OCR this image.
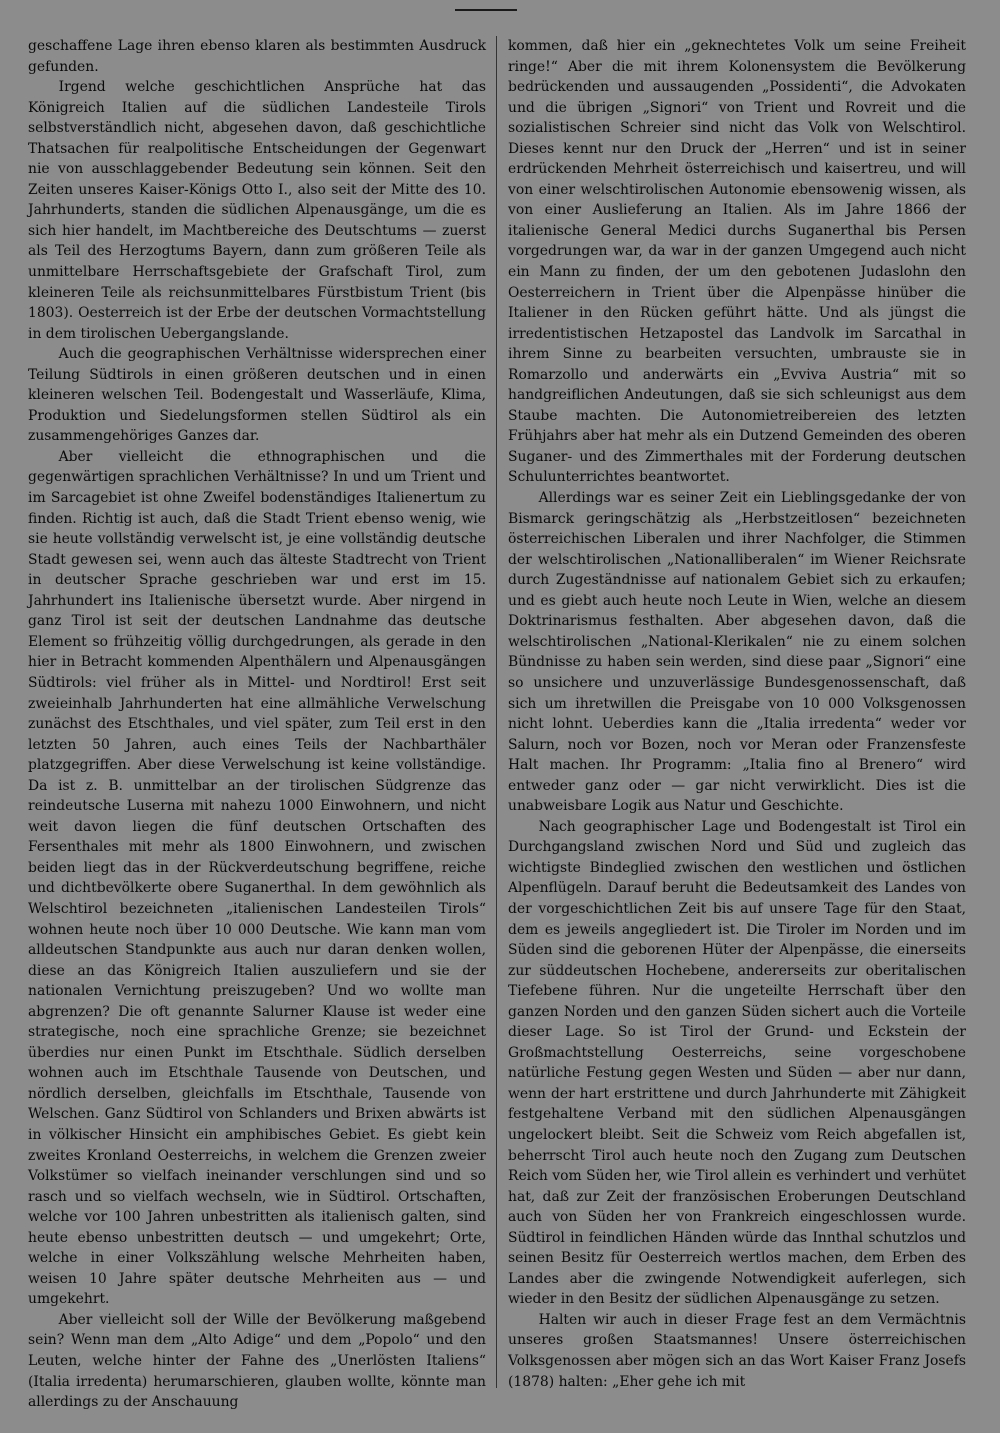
geschaffene Lage ihren ebenso klaren als bestimmten Ausdruck gefunden.

Irgend welche geschichtlichen Ansprüche hat das Königreich Italien auf die südlichen Landesteile Tirols selbstverständlich nicht, abgesehen davon, daß geschichtliche Thatsachen für realpolitische Entscheidungen der Gegenwart nie von ausschlaggebender Bedeutung sein können. Seit den Zeiten unseres Kaiser-Königs Otto I., also seit der Mitte des 10. Jahrhunderts, standen die südlichen Alpenausgänge, um die es sich hier handelt, im Machtbereiche des Deutschtums — zuerst als Teil des Herzogtums Bayern, dann zum größeren Teile als unmittelbare Herrschaftsgebiete der Grafschaft Tirol, zum kleineren Teile als reichsunmittelbares Fürstbistum Trient (bis 1803). Oesterreich ist der Erbe der deutschen Vormachtstellung in dem tirolischen Uebergangslande.

Auch die geographischen Verhältnisse widersprechen einer Teilung Südtirols in einen größeren deutschen und in einen kleineren welschen Teil. Bodengestalt und Wasserläufe, Klima, Produktion und Siedelungsformen stellen Südtirol als ein zusammengehöriges Ganzes dar.

Aber vielleicht die ethnographischen und die gegenwärtigen sprachlichen Verhältnisse? In und um Trient und im Sarcagebiet ist ohne Zweifel bodenständiges Italienertum zu finden. Richtig ist auch, daß die Stadt Trient ebenso wenig, wie sie heute vollständig verwelscht ist, je eine vollständig deutsche Stadt gewesen sei, wenn auch das älteste Stadtrecht von Trient in deutscher Sprache geschrieben war und erst im 15. Jahrhundert ins Italienische übersetzt wurde. Aber nirgend in ganz Tirol ist seit der deutschen Landnahme das deutsche Element so frühzeitig völlig durchgedrungen, als gerade in den hier in Betracht kommenden Alpenthälern und Alpenausgängen Südtirols: viel früher als in Mittel- und Nordtirol! Erst seit zweieinhalb Jahrhunderten hat eine allmähliche Verwelschung zunächst des Etschthales, und viel später, zum Teil erst in den letzten 50 Jahren, auch eines Teils der Nachbarthäler platzgegriffen. Aber diese Verwelschung ist keine vollständige. Da ist z. B. unmittelbar an der tirolischen Südgrenze das reindeutsche Luserna mit nahezu 1000 Einwohnern, und nicht weit davon liegen die fünf deutschen Ortschaften des Fersenthales mit mehr als 1800 Einwohnern, und zwischen beiden liegt das in der Rückverdeutschung begriffene, reiche und dichtbevölkerte obere Suganerthal. In dem gewöhnlich als Welschtirol bezeichneten „italienischen Landesteilen Tirols“ wohnen heute noch über 10 000 Deutsche. Wie kann man vom alldeutschen Standpunkte aus auch nur daran denken wollen, diese an das Königreich Italien auszuliefern und sie der nationalen Vernichtung preiszugeben? Und wo wollte man abgrenzen? Die oft genannte Salurner Klause ist weder eine strategische, noch eine sprachliche Grenze; sie bezeichnet überdies nur einen Punkt im Etschthale. Südlich derselben wohnen auch im Etschthale Tausende von Deutschen, und nördlich derselben, gleichfalls im Etschthale, Tausende von Welschen. Ganz Südtirol von Schlanders und Brixen abwärts ist in völkischer Hinsicht ein amphibisches Gebiet. Es giebt kein zweites Kronland Oesterreichs, in welchem die Grenzen zweier Volkstümer so vielfach ineinander verschlungen sind und so rasch und so vielfach wechseln, wie in Südtirol. Ortschaften, welche vor 100 Jahren unbestritten als italienisch galten, sind heute ebenso unbestritten deutsch — und umgekehrt; Orte, welche in einer Volkszählung welsche Mehrheiten haben, weisen 10 Jahre später deutsche Mehrheiten aus — und umgekehrt.

Aber vielleicht soll der Wille der Bevölkerung maßgebend sein? Wenn man dem „Alto Adige“ und dem „Popolo“ und den Leuten, welche hinter der Fahne des „Unerlösten Italiens“ (Italia irredenta) herumarschieren, glauben wollte, könnte man allerdings zu der Anschauung

kommen, daß hier ein „geknechtetes Volk um seine Freiheit ringe!“ Aber die mit ihrem Kolonensystem die Bevölkerung bedrückenden und aussaugenden „Possidenti“, die Advokaten und die übrigen „Signori“ von Trient und Rovreit und die sozialistischen Schreier sind nicht das Volk von Welschtirol. Dieses kennt nur den Druck der „Herren“ und ist in seiner erdrückenden Mehrheit österreichisch und kaisertreu, und will von einer welschtirolischen Autonomie ebensowenig wissen, als von einer Auslieferung an Italien. Als im Jahre 1866 der italienische General Medici durchs Suganerthal bis Persen vorgedrungen war, da war in der ganzen Umgegend auch nicht ein Mann zu finden, der um den gebotenen Judaslohn den Oesterreichern in Trient über die Alpenpässe hinüber die Italiener in den Rücken geführt hätte. Und als jüngst die irredentistischen Hetzapostel das Landvolk im Sarcathal in ihrem Sinne zu bearbeiten versuchten, umbrauste sie in Romarzollo und anderwärts ein „Evviva Austria“ mit so handgreiflichen Andeutungen, daß sie sich schleunigst aus dem Staube machten. Die Autonomietreibereien des letzten Frühjahrs aber hat mehr als ein Dutzend Gemeinden des oberen Suganer- und des Zimmerthales mit der Forderung deutschen Schulunterrichtes beantwortet.

Allerdings war es seiner Zeit ein Lieblingsgedanke der von Bismarck geringschätzig als „Herbstzeitlosen“ bezeichneten österreichischen Liberalen und ihrer Nachfolger, die Stimmen der welschtirolischen „Nationalliberalen“ im Wiener Reichsrate durch Zugeständnisse auf nationalem Gebiet sich zu erkaufen; und es giebt auch heute noch Leute in Wien, welche an diesem Doktrinarismus festhalten. Aber abgesehen davon, daß die welschtirolischen „National-Klerikalen“ nie zu einem solchen Bündnisse zu haben sein werden, sind diese paar „Signori“ eine so unsichere und unzuverlässige Bundesgenossenschaft, daß sich um ihretwillen die Preisgabe von 10 000 Volksgenossen nicht lohnt. Ueberdies kann die „Italia irredenta“ weder vor Salurn, noch vor Bozen, noch vor Meran oder Franzensfeste Halt machen. Ihr Programm: „Italia fino al Brenero“ wird entweder ganz oder — gar nicht verwirklicht. Dies ist die unabweisbare Logik aus Natur und Geschichte.

Nach geographischer Lage und Bodengestalt ist Tirol ein Durchgangsland zwischen Nord und Süd und zugleich das wichtigste Bindeglied zwischen den westlichen und östlichen Alpenflügeln. Darauf beruht die Bedeutsamkeit des Landes von der vorgeschichtlichen Zeit bis auf unsere Tage für den Staat, dem es jeweils angegliedert ist. Die Tiroler im Norden und im Süden sind die geborenen Hüter der Alpenpässe, die einerseits zur süddeutschen Hochebene, andererseits zur oberitalischen Tiefebene führen. Nur die ungeteilte Herrschaft über den ganzen Norden und den ganzen Süden sichert auch die Vorteile dieser Lage. So ist Tirol der Grund- und Eckstein der Großmachtstellung Oesterreichs, seine vorgeschobene natürliche Festung gegen Westen und Süden — aber nur dann, wenn der hart erstrittene und durch Jahrhunderte mit Zähigkeit festgehaltene Verband mit den südlichen Alpenausgängen ungelockert bleibt. Seit die Schweiz vom Reich abgefallen ist, beherrscht Tirol auch heute noch den Zugang zum Deutschen Reich vom Süden her, wie Tirol allein es verhindert und verhütet hat, daß zur Zeit der französischen Eroberungen Deutschland auch von Süden her von Frankreich eingeschlossen wurde. Südtirol in feindlichen Händen würde das Innthal schutzlos und seinen Besitz für Oesterreich wertlos machen, dem Erben des Landes aber die zwingende Notwendigkeit auferlegen, sich wieder in den Besitz der südlichen Alpenausgänge zu setzen.

Halten wir auch in dieser Frage fest an dem Vermächtnis unseres großen Staatsmannes! Unsere österreichischen Volksgenossen aber mögen sich an das Wort Kaiser Franz Josefs (1878) halten: „Eher gehe ich mit
